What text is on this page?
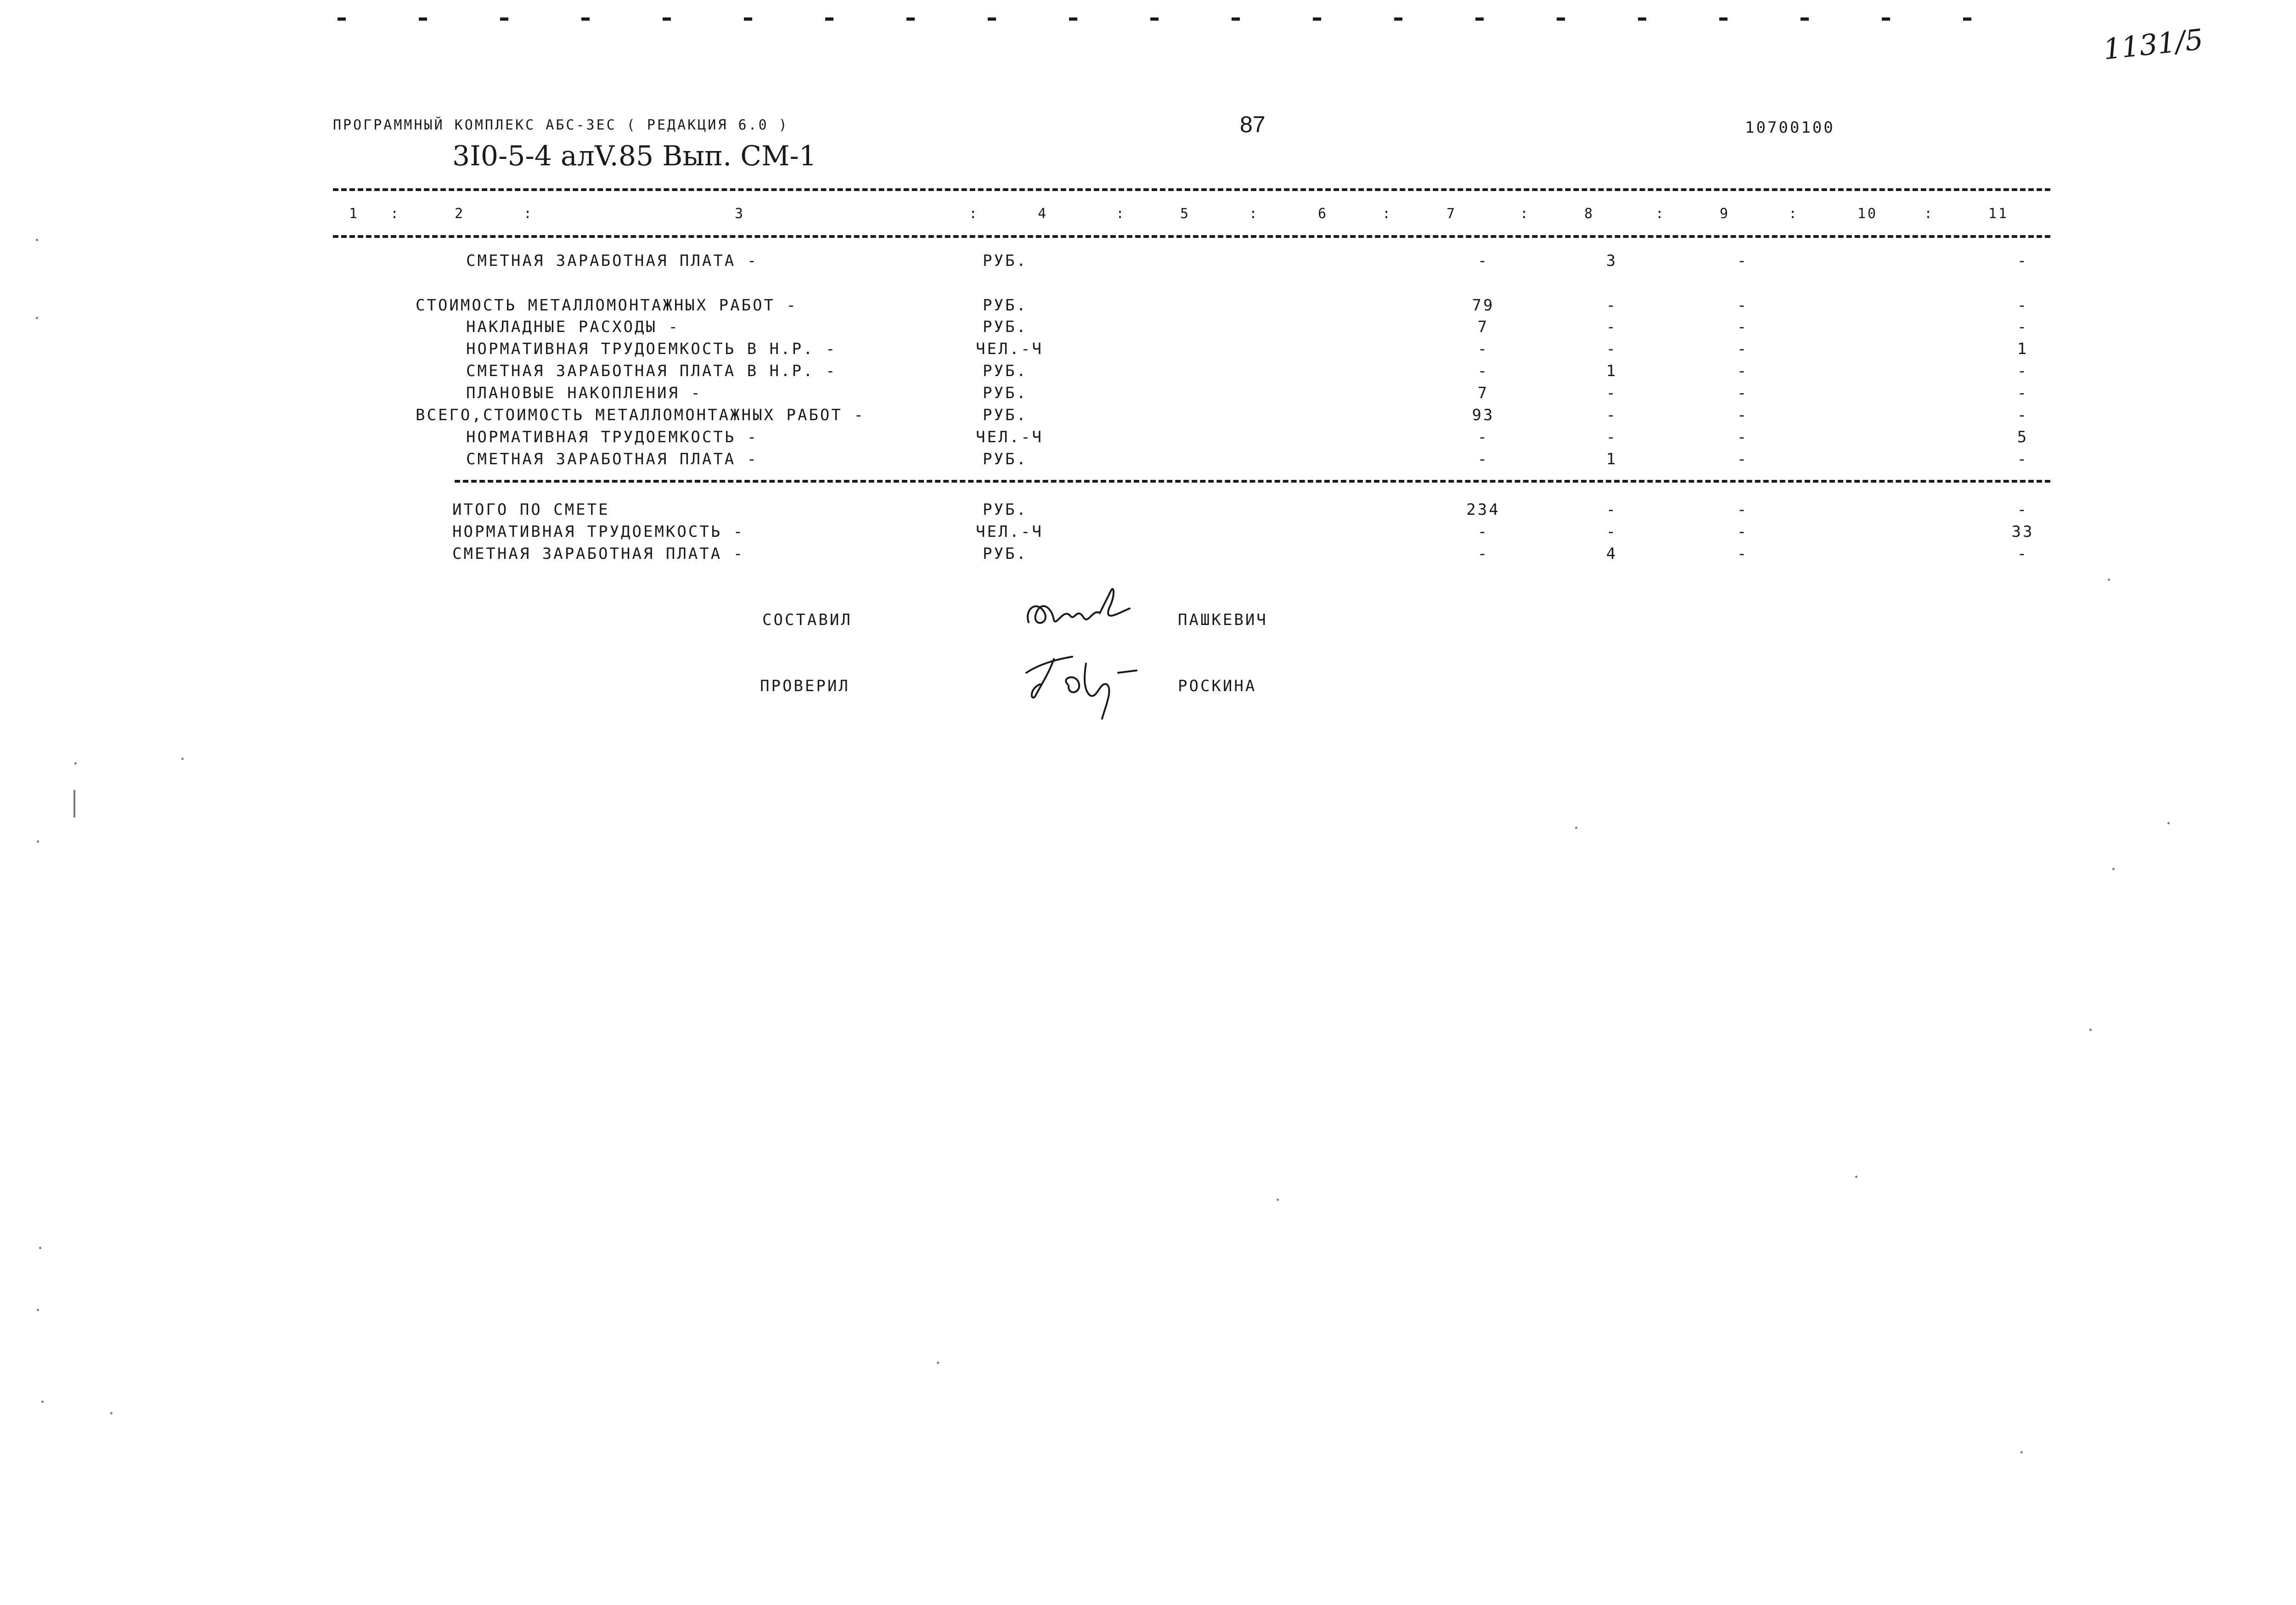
1131/5
ПРОГРАММНЫЙ КОМПЛЕКС АБС-3ЕС ( РЕДАКЦИЯ 6.0 )	87	10700100
3I0-5-4 алV.85 Вып. СМ-1
1 :	2	:	3	:	4	:	5	:	6	:	7	:	8	:	9	:	10	:	11
СМЕТНАЯ ЗАРАБОТНАЯ ПЛАТА -	РУБ.	-	3	-	-
СТОИМОСТЬ МЕТАЛЛОМОНТАЖНЫХ РАБОТ -	РУБ.	79	-	-	-
НАКЛАДНЫЕ РАСХОДЫ -	РУБ.	7	-	-	-
НОРМАТИВНАЯ ТРУДОЕМКОСТЬ В Н.Р. -	ЧЕЛ.-Ч	-	-	-	1
СМЕТНАЯ ЗАРАБОТНАЯ ПЛАТА В Н.Р. -	РУБ.	-	1	-	-
ПЛАНОВЫЕ НАКОПЛЕНИЯ -	РУБ.	7	-	-	-
ВСЕГО,СТОИМОСТЬ МЕТАЛЛОМОНТАЖНЫХ РАБОТ -	РУБ.	93	-	-	-
НОРМАТИВНАЯ ТРУДОЕМКОСТЬ -	ЧЕЛ.-Ч	-	-	-	5
СМЕТНАЯ ЗАРАБОТНАЯ ПЛАТА -	РУБ.	-	1	-	-
ИТОГО ПО СМЕТЕ	РУБ.	234	-	-	-
НОРМАТИВНАЯ ТРУДОЕМКОСТЬ -	ЧЕЛ.-Ч	-	-	-	33
СМЕТНАЯ ЗАРАБОТНАЯ ПЛАТА -	РУБ.	-	4	-	-
СОСТАВИЛ	ПАШКЕВИЧ
ПРОВЕРИЛ	РОСКИНА
